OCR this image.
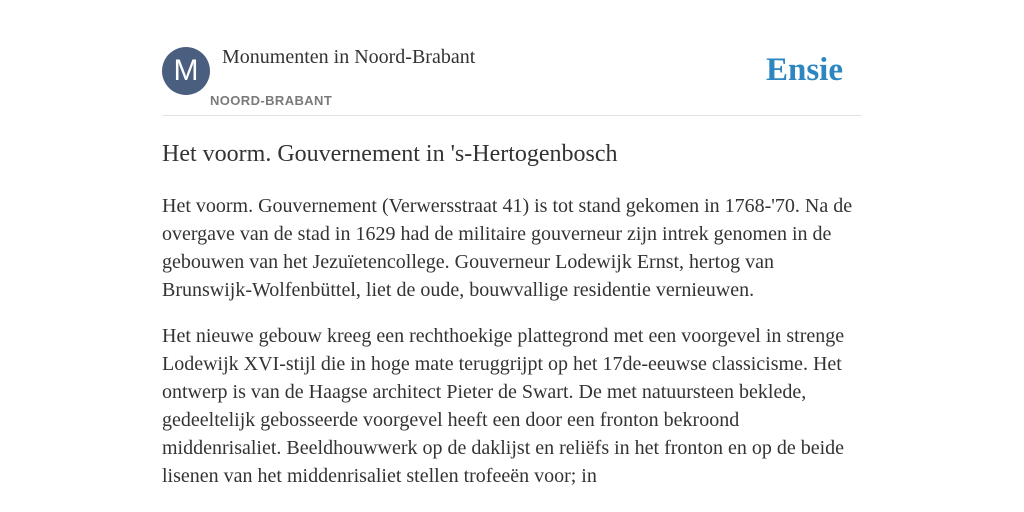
M	Monumenten in Noord-Brabant
NOORD-BRABANT
Ensie
Het voorm. Gouvernement in 's-Hertogenbosch

Het voorm. Gouvernement (Verwersstraat 41) is tot stand gekomen in 1768-'70. Na de overgave van de stad in 1629 had de militaire gouverneur zijn intrek genomen in de gebouwen van het Jezuïetencollege. Gouverneur Lodewijk Ernst, hertog van Brunswijk-Wolfenbüttel, liet de oude, bouwvallige residentie vernieuwen.

Het nieuwe gebouw kreeg een rechthoekige plattegrond met een voorgevel in strenge Lodewijk XVI-stijl die in hoge mate teruggrijpt op het 17de-eeuwse classicisme. Het ontwerp is van de Haagse architect Pieter de Swart. De met natuursteen beklede, gedeeltelijk gebosseerde voorgevel heeft een door een fronton bekroond middenrisaliet. Beeldhouwwerk op de daklijst en reliëfs in het fronton en op de beide lisenen van het middenrisaliet stellen trofeeën voor; in
